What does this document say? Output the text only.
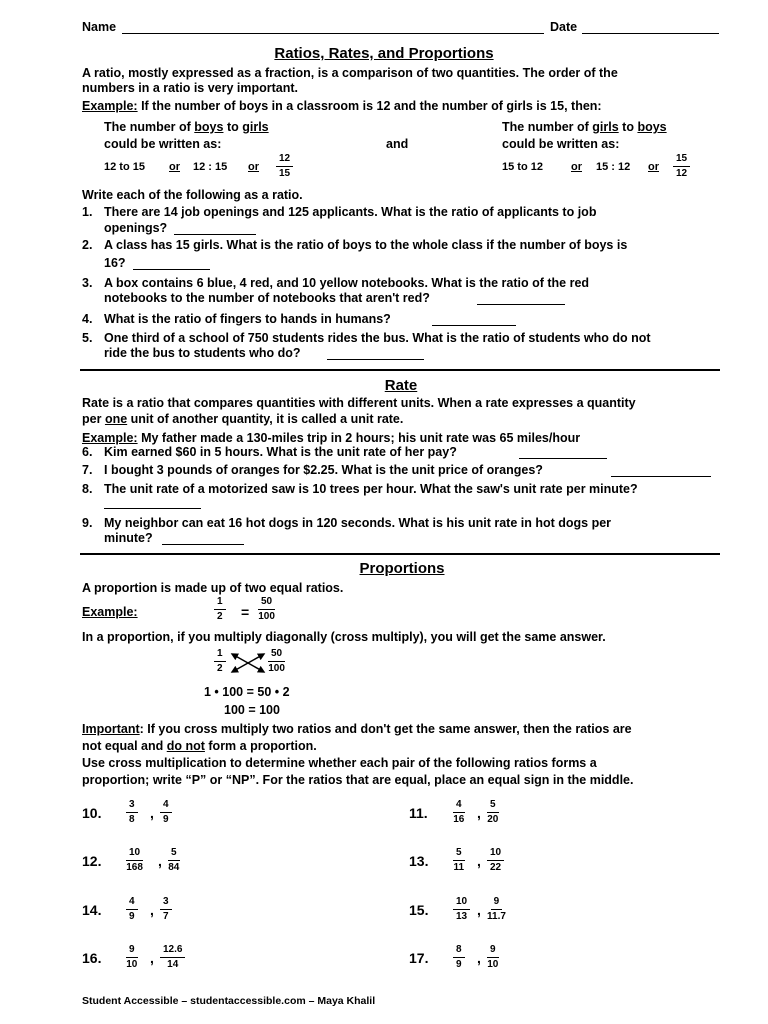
Name	Date
Ratios, Rates, and Proportions
A ratio, mostly expressed as a fraction, is a comparison of two quantities. The order of the
numbers in a ratio is very important.
Example: If the number of boys in a classroom is 12 and the number of girls is 15, then:
The number of boys to girls
could be written as:
12 to 15 or 12 : 15 or
12
15
and
The number of girls to boys
could be written as:
15 to 12	or 15 : 12 or
15
12
Write each of the following as a ratio.
1. There are 14 job openings and 125 applicants. What is the ratio of applicants to job
openings?
2. A class has 15 girls. What is the ratio of boys to the whole class if the number of boys is
16?
3. A box contains 6 blue, 4 red, and 10 yellow notebooks. What is the ratio of the red
notebooks to the number of notebooks that aren't red?
4. What is the ratio of fingers to hands in humans?
5. One third of a school of 750 students rides the bus. What is the ratio of students who do not
ride the bus to students who do?
Rate
Rate is a ratio that compares quantities with different units. When a rate expresses a quantity
per one unit of another quantity, it is called a unit rate.
Example: My father made a 130-miles trip in 2 hours; his unit rate was 65 miles/hour
6. Kim earned $60 in 5 hours. What is the unit rate of her pay?
7. I bought 3 pounds of oranges for $2.25. What is the unit price of oranges?
8. The unit rate of a motorized saw is 10 trees per hour. What the saw's unit rate per minute?
9. My neighbor can eat 16 hot dogs in 120 seconds. What is his unit rate in hot dogs per
minute?
Proportions
A proportion is made up of two equal ratios.
Example:
1
2 =
50
100
In a proportion, if you multiply diagonally (cross multiply), you will get the same answer.
1
2
50
100
1 • 100 = 50 • 2
100 = 100
Important: If you cross multiply two ratios and don't get the same answer, then the ratios are
not equal and do not form a proportion.
Use cross multiplication to determine whether each pair of the following ratios forms a
proportion; write “P” or “NP”. For the ratios that are equal, place an equal sign in the middle.
10.
3
8 ,
4
9	11.
4
16 ,
5
20
12.
10
168 ,
5
84	13.
5
11 ,
10
22
14.
4
9 ,
3
7	15.
10
13 ,
9
11.7
16.
9
10 ,
12.6
14	17.
8
9 ,
9
10
Student Accessible – studentaccessible.com – Maya Khalil
